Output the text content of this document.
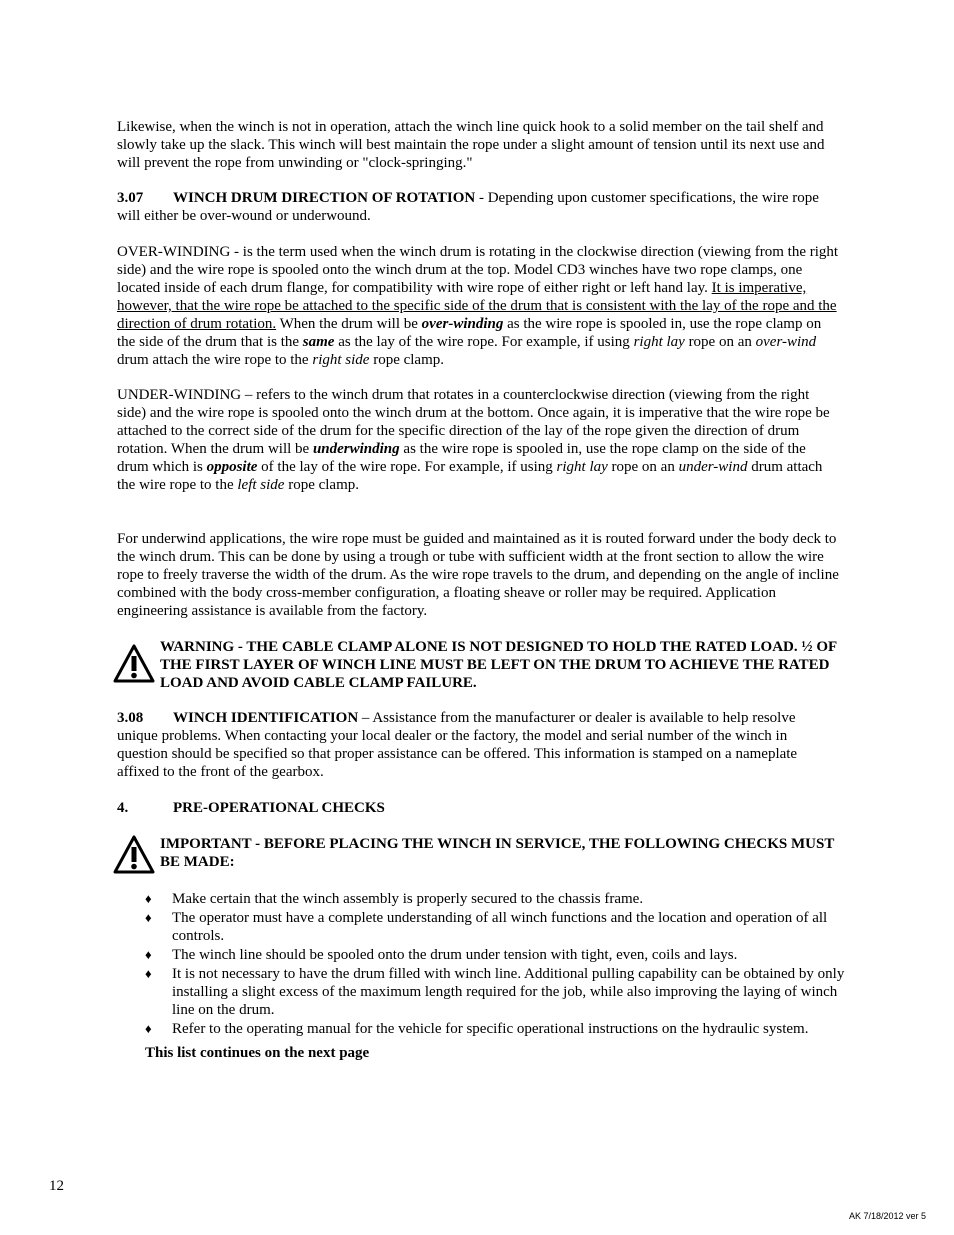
Likewise, when the winch is not in operation, attach the winch line quick hook to a solid member on the tail shelf and slowly take up the slack. This winch will best maintain the rope under a slight amount of tension until its next use and will prevent the rope from unwinding or "clock-springing."

3.07 WINCH DRUM DIRECTION OF ROTATION - Depending upon customer specifications, the wire rope will either be over-wound or underwound.

OVER-WINDING - is the term used when the winch drum is rotating in the clockwise direction (viewing from the right side) and the wire rope is spooled onto the winch drum at the top. Model CD3 winches have two rope clamps, one located inside of each drum flange, for compatibility with wire rope of either right or left hand lay. It is imperative, however, that the wire rope be attached to the specific side of the drum that is consistent with the lay of the rope and the direction of drum rotation. When the drum will be over-winding as the wire rope is spooled in, use the rope clamp on the side of the drum that is the same as the lay of the wire rope. For example, if using right lay rope on an over-wind drum attach the wire rope to the right side rope clamp.

UNDER-WINDING – refers to the winch drum that rotates in a counterclockwise direction (viewing from the right side) and the wire rope is spooled onto the winch drum at the bottom. Once again, it is imperative that the wire rope be attached to the correct side of the drum for the specific direction of the lay of the rope given the direction of drum rotation. When the drum will be underwinding as the wire rope is spooled in, use the rope clamp on the side of the drum which is opposite of the lay of the wire rope. For example, if using right lay rope on an under-wind drum attach the wire rope to the left side rope clamp.

For underwind applications, the wire rope must be guided and maintained as it is routed forward under the body deck to the winch drum. This can be done by using a trough or tube with sufficient width at the front section to allow the wire rope to freely traverse the width of the drum. As the wire rope travels to the drum, and depending on the angle of incline combined with the body cross-member configuration, a floating sheave or roller may be required. Application engineering assistance is available from the factory.

WARNING - THE CABLE CLAMP ALONE IS NOT DESIGNED TO HOLD THE RATED LOAD. ½ OF THE FIRST LAYER OF WINCH LINE MUST BE LEFT ON THE DRUM TO ACHIEVE THE RATED LOAD AND AVOID CABLE CLAMP FAILURE.

3.08 WINCH IDENTIFICATION – Assistance from the manufacturer or dealer is available to help resolve unique problems. When contacting your local dealer or the factory, the model and serial number of the winch in question should be specified so that proper assistance can be offered. This information is stamped on a nameplate affixed to the front of the gearbox.

4.	PRE-OPERATIONAL CHECKS

IMPORTANT - BEFORE PLACING THE WINCH IN SERVICE, THE FOLLOWING CHECKS MUST BE MADE:

♦ Make certain that the winch assembly is properly secured to the chassis frame.
♦ The operator must have a complete understanding of all winch functions and the location and operation of all controls.
♦ The winch line should be spooled onto the drum under tension with tight, even, coils and lays.
♦ It is not necessary to have the drum filled with winch line. Additional pulling capability can be obtained by only installing a slight excess of the maximum length required for the job, while also improving the laying of winch line on the drum.
♦ Refer to the operating manual for the vehicle for specific operational instructions on the hydraulic system.

This list continues on the next page

12
AK 7/18/2012 ver 5
